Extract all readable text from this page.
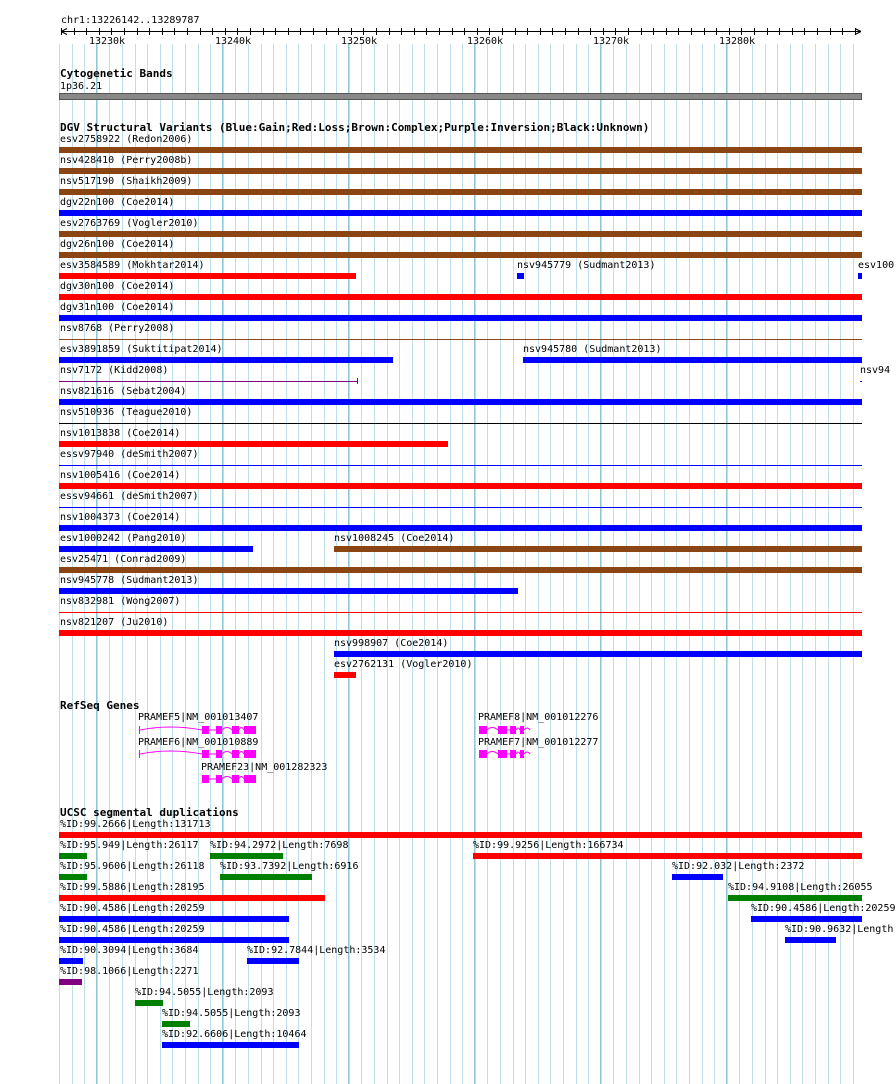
chr1:13226142..13289787
13230k	13240k	13250k	13260k	13270k	13280k
Cytogenetic Bands
1p36.21
DGV Structural Variants (Blue:Gain;Red:Loss;Brown:Complex;Purple:Inversion;Black:Unknown)
esv2758922 (Redon2006)
nsv428410 (Perry2008b)
nsv517190 (Shaikh2009)
dgv22n100 (Coe2014)
esv2763769 (Vogler2010)
dgv26n100 (Coe2014)
esv3584589 (Mokhtar2014)	nsv945779 (Sudmant2013)	esv100
dgv30n100 (Coe2014)
dgv31n100 (Coe2014)
nsv8768 (Perry2008)
esv3891859 (Suktitipat2014)	nsv945780 (Sudmant2013)
nsv7172 (Kidd2008)	nsv94
nsv821616 (Sebat2004)
nsv510936 (Teague2010)
nsv1013838 (Coe2014)
essv97940 (deSmith2007)
nsv1005416 (Coe2014)
essv94661 (deSmith2007)
nsv1004373 (Coe2014)
esv1000242 (Pang2010)	nsv1008245 (Coe2014)
esv25471 (Conrad2009)
nsv945778 (Sudmant2013)
nsv832981 (Wong2007)
nsv821207 (Ju2010)
nsv998907 (Coe2014)
esv2762131 (Vogler2010)
RefSeq Genes
PRAMEF5|NM_001013407
PRAMEF6|NM_001010889
PRAMEF23|NM_001282323
PRAMEF8|NM_001012276
PRAMEF7|NM_001012277
UCSC segmental duplications
%ID:99.2666|Length:131713
%ID:95.949|Length:26117 %ID:94.2972|Length:7698	%ID:99.9256|Length:166734
%ID:95.9606|Length:26118 %ID:93.7392|Length:6916	%ID:92.032|Length:2372
%ID:99.5886|Length:28195	%ID:94.9108|Length:26055
%ID:90.4586|Length:20259	%ID:90.4586|Length:20259
%ID:90.4586|Length:20259	%ID:90.9632|Length
%ID:90.3094|Length:3684	%ID:92.7844|Length:3534
%ID:98.1066|Length:2271
%ID:94.5055|Length:2093
%ID:94.5055|Length:2093
%ID:92.6606|Length:10464
